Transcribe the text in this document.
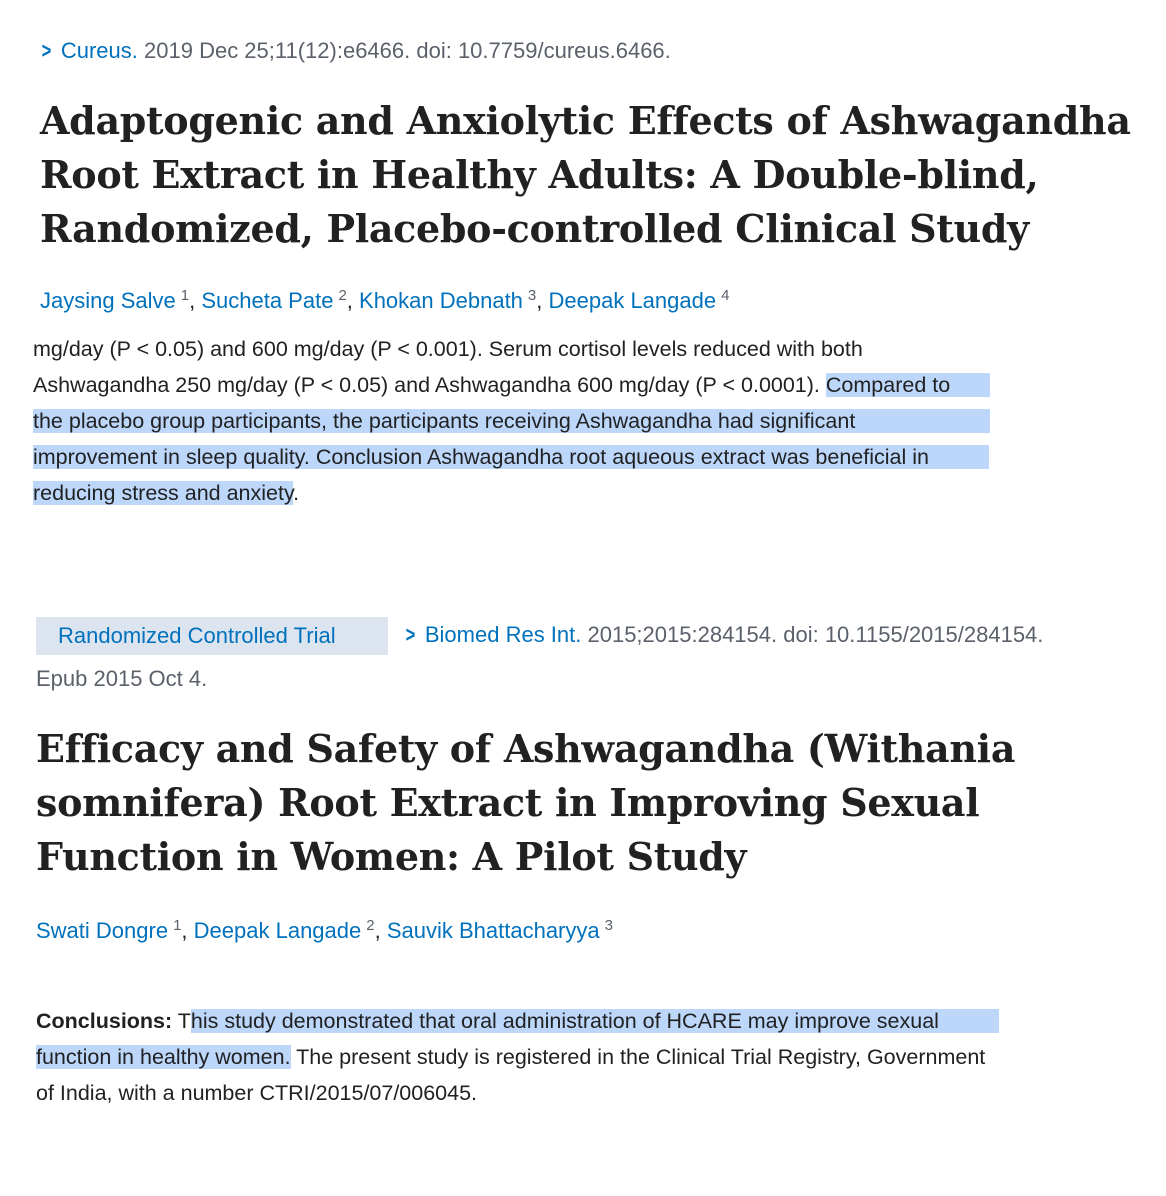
> Cureus. 2019 Dec 25;11(12):e6466. doi: 10.7759/cureus.6466.
Adaptogenic and Anxiolytic Effects of Ashwagandha
Root Extract in Healthy Adults: A Double-blind,
Randomized, Placebo-controlled Clinical Study
Jaysing Salve $^1$, Sucheta Pate $^2$, Khokan Debnath $^3$, Deepak Langade $^4$
mg/day (P < 0.05) and 600 mg/day (P < 0.001). Serum cortisol levels reduced with both
Ashwagandha 250 mg/day (P < 0.05) and Ashwagandha 600 mg/day (P < 0.0001). Compared to
the placebo group participants, the participants receiving Ashwagandha had significant
improvement in sleep quality. Conclusion Ashwagandha root aqueous extract was beneficial in
reducing stress and anxiety.
Randomized Controlled Trial	> Biomed Res Int. 2015;2015:284154. doi: 10.1155/2015/284154.
Epub 2015 Oct 4.
Efficacy and Safety of Ashwagandha (Withania
somnifera) Root Extract in Improving Sexual
Function in Women: A Pilot Study
Swati Dongre $^1$, Deepak Langade $^2$, Sauvik Bhattacharyya $^3$
Conclusions: This study demonstrated that oral administration of HCARE may improve sexual
function in healthy women. The present study is registered in the Clinical Trial Registry, Government
of India, with a number CTRI/2015/07/006045.
